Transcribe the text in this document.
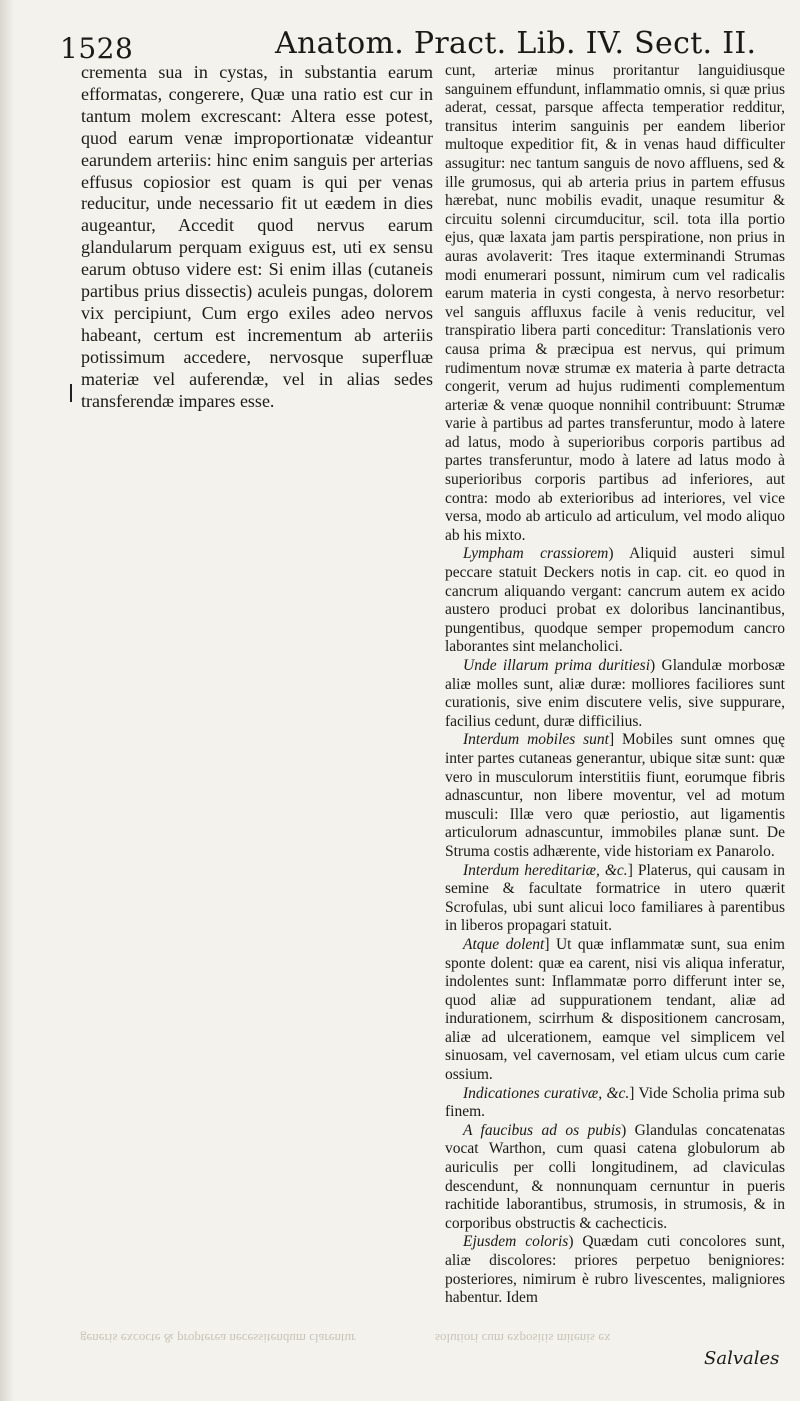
1528	Anatom. Pract. Lib. IV. Sect. II.

crementa sua in cystas, in substantia earum efformatas, congerere, Quæ una ratio est cur in tantum molem excrescant: Altera esse potest, quod earum venæ improportionatæ videantur earundem arteriis: hinc enim sanguis per arterias effusus copiosior est quam is qui per venas reducitur, unde necessario fit ut eædem in dies augeantur, Accedit quod nervus earum glandularum perquam exiguus est, uti ex sensu earum obtuso videre est: Si enim illas (cutaneis partibus prius dissectis) aculeis pungas, dolorem vix percipiunt, Cum ergo exiles adeo nervos habeant, certum est incrementum ab arteriis potissimum accedere, nervosque superfluæ materiæ vel auferendæ, vel in alias sedes transferendæ impares esse.

cunt, arteriæ minus proritantur languidiusque sanguinem effundunt, inflammatio omnis, si quæ prius aderat, cessat, parsque affecta temperatior redditur, transitus interim sanguinis per eandem liberior multoque expeditior fit, & in venas haud difficulter assugitur: nec tantum sanguis de novo affluens, sed & ille grumosus, qui ab arteria prius in partem effusus hærebat, nunc mobilis evadit, unaque resumitur & circuitu solenni circumducitur, scil. tota illa portio ejus, quæ laxata jam partis perspiratione, non prius in auras avolaverit: Tres itaque exterminandi Strumas modi enumerari possunt, nimirum cum vel radicalis earum materia in cysti congesta, à nervo resorbetur: vel sanguis affluxus facile à venis reducitur, vel transpiratio libera parti conceditur: Translationis vero causa prima & præcipua est nervus, qui primum rudimentum novæ strumæ ex materia à parte detracta congerit, verum ad hujus rudimenti complementum arteriæ & venæ quoque nonnihil contribuunt: Strumæ varie à partibus ad partes transferuntur, modo à latere ad latus, modo à superioribus corporis partibus ad partes transferuntur, modo à latere ad latus modo à superioribus corporis partibus ad inferiores, aut contra: modo ab exterioribus ad interiores, vel vice versa, modo ab articulo ad articulum, vel modo aliquo ab his mixto.

Lympham crassiorem) Aliquid austeri simul peccare statuit Deckers notis in cap. cit. eo quod in cancrum aliquando vergant: cancrum autem ex acido austero produci probat ex doloribus lancinantibus, pungentibus, quodque semper propemodum cancro laborantes sint melancholici.

Unde illarum prima duritiesi) Glandulæ morbosæ aliæ molles sunt, aliæ duræ: molliores faciliores sunt curationis, sive enim discutere velis, sive suppurare, facilius cedunt, duræ difficilius.

Interdum mobiles sunt] Mobiles sunt omnes quę inter partes cutaneas generantur, ubique sitæ sunt: quæ vero in musculorum interstitiis fiunt, eorumque fibris adnascuntur, non libere moventur, vel ad motum musculi: Illæ vero quæ periostio, aut ligamentis articulorum adnascuntur, immobiles planæ sunt. De Struma costis adhærente, vide historiam ex Panarolo.

Interdum hereditariæ, &c.] Platerus, qui causam in semine & facultate formatrice in utero quærit Scrofulas, ubi sunt alicui loco familiares à parentibus in liberos propagari statuit.

Atque dolent] Ut quæ inflammatæ sunt, sua enim sponte dolent: quæ ea carent, nisi vis aliqua inferatur, indolentes sunt: Inflammatæ porro differunt inter se, quod aliæ ad suppurationem tendant, aliæ ad indurationem, scirrhum & dispositionem cancrosam, aliæ ad ulcerationem, eamque vel simplicem vel sinuosam, vel cavernosam, vel etiam ulcus cum carie ossium.

Indicationes curativæ, &c.] Vide Scholia prima sub finem.

A faucibus ad os pubis) Glandulas concatenatas vocat Warthon, cum quasi catena globulorum ab auriculis per colli longitudinem, ad claviculas descendunt, & nonnunquam cernuntur in pueris rachitide laborantibus, strumosis, in strumosis, & in corporibus obstructis & cachecticis.

Ejusdem coloris) Quædam cuti concolores sunt, aliæ discolores: priores perpetuo benigniores: posteriores, nimirum è rubro livescentes, maligniores habentur. Idem

generis excocte & propterea necessitendum clarentur	solutiori cum expositis mitenis ex
Salvales
